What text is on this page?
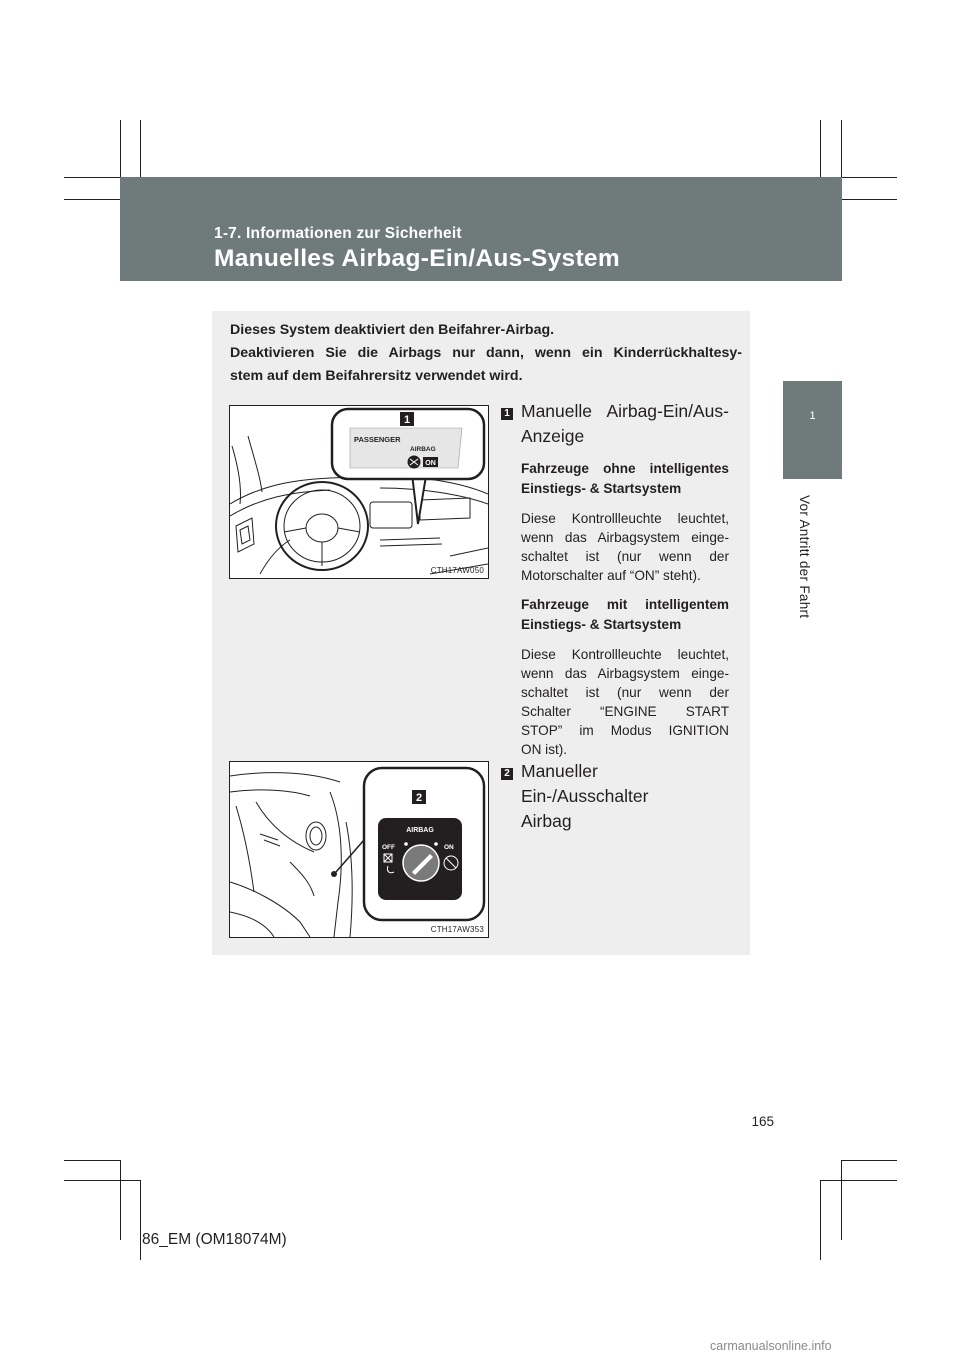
1-7. Informationen zur Sicherheit
Manuelles Airbag-Ein/Aus-System
1
Vor Antritt der Fahrt

Dieses System deaktiviert den Beifahrer-Airbag.

Deaktivieren Sie die Airbags nur dann, wenn ein Kinderrückhaltesy-

stem auf dem Beifahrersitz verwendet wird.

1
PASSENGER
AIRBAG
ON
CTH17AW050
2
AIRBAG
OFF	ON
CTH17AW353
1 Manuelle Airbag-Ein/Aus-
Anzeige

Fahrzeuge ohne intelligentes
Einstiegs- & Startsystem

Diese Kontrollleuchte leuchtet,
wenn das Airbagsystem einge-
schaltet ist (nur wenn der
Motorschalter auf “ON” steht).

Fahrzeuge mit intelligentem
Einstiegs- & Startsystem

Diese Kontrollleuchte leuchtet,
wenn das Airbagsystem einge-
schaltet ist (nur wenn der
Schalter “ENGINE START
STOP” im Modus IGNITION
ON ist).

2 Manueller Ein-/Ausschalter
Airbag

165
86_EM (OM18074M)
carmanualsonline.info
